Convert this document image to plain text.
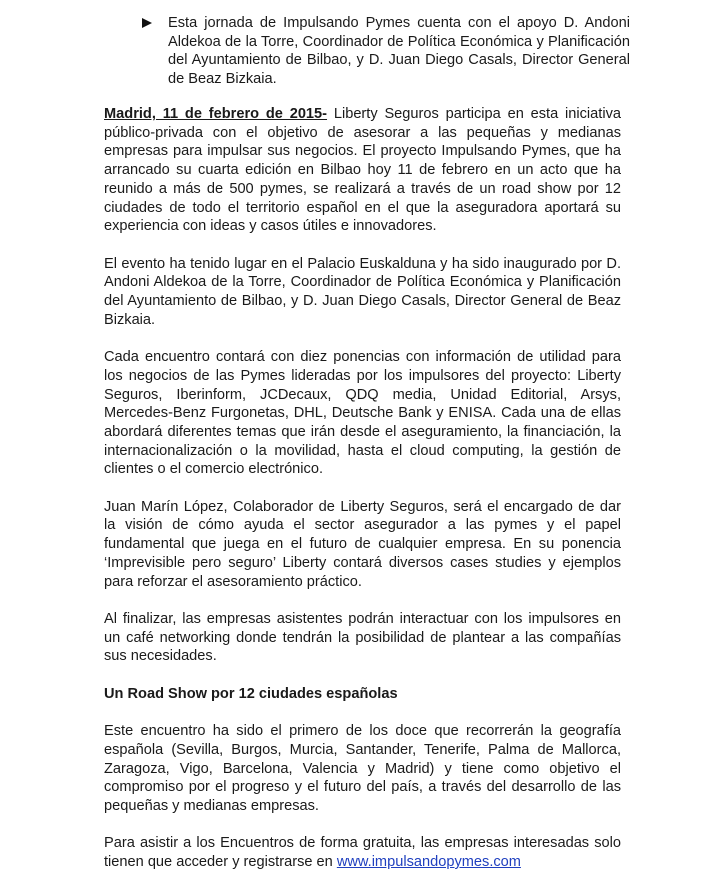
Esta jornada de Impulsando Pymes cuenta con el apoyo D. Andoni Aldekoa de la Torre, Coordinador de Política Económica y Planificación del Ayuntamiento de Bilbao, y D. Juan Diego Casals, Director General de Beaz Bizkaia.

Madrid, 11 de febrero de 2015- Liberty Seguros participa en esta iniciativa público-privada con el objetivo de asesorar a las pequeñas y medianas empresas para impulsar sus negocios. El proyecto Impulsando Pymes, que ha arrancado su cuarta edición en Bilbao hoy 11 de febrero en un acto que ha reunido a más de 500 pymes, se realizará a través de un road show por 12 ciudades de todo el territorio español en el que la aseguradora aportará su experiencia con ideas y casos útiles e innovadores.

El evento ha tenido lugar en el Palacio Euskalduna y ha sido inaugurado por D. Andoni Aldekoa de la Torre, Coordinador de Política Económica y Planificación del Ayuntamiento de Bilbao, y D. Juan Diego Casals, Director General de Beaz Bizkaia.

Cada encuentro contará con diez ponencias con información de utilidad para los negocios de las Pymes lideradas por los impulsores del proyecto: Liberty Seguros, Iberinform, JCDecaux, QDQ media, Unidad Editorial, Arsys, Mercedes-Benz Furgonetas, DHL, Deutsche Bank y ENISA. Cada una de ellas abordará diferentes temas que irán desde el aseguramiento, la financiación, la internacionalización o la movilidad, hasta el cloud computing, la gestión de clientes o el comercio electrónico.

Juan Marín López, Colaborador de Liberty Seguros, será el encargado de dar la visión de cómo ayuda el sector asegurador a las pymes y el papel fundamental que juega en el futuro de cualquier empresa. En su ponencia ‘Imprevisible pero seguro’ Liberty contará diversos cases studies y ejemplos para reforzar el asesoramiento práctico.

Al finalizar, las empresas asistentes podrán interactuar con los impulsores en un café networking donde tendrán la posibilidad de plantear a las compañías sus necesidades.

Un Road Show por 12 ciudades españolas

Este encuentro ha sido el primero de los doce que recorrerán la geografía española (Sevilla, Burgos, Murcia, Santander, Tenerife, Palma de Mallorca, Zaragoza, Vigo, Barcelona, Valencia y Madrid) y tiene como objetivo el compromiso por el progreso y el futuro del país, a través del desarrollo de las pequeñas y medianas empresas.

Para asistir a los Encuentros de forma gratuita, las empresas interesadas solo tienen que acceder y registrarse en www.impulsandopymes.com
